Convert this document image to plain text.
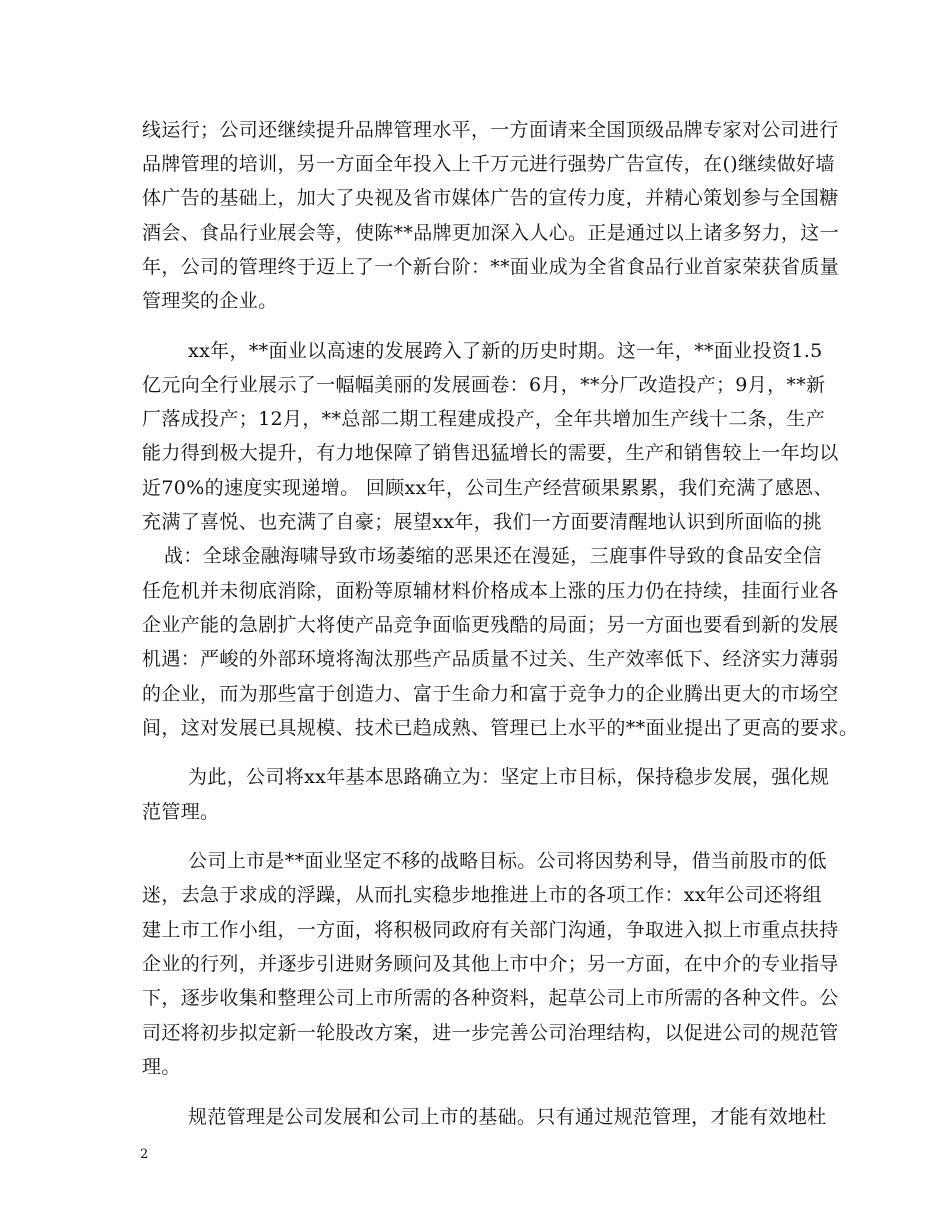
线运行；公司还继续提升品牌管理水平，一方面请来全国顶级品牌专家对公司进行
品牌管理的培训，另一方面全年投入上千万元进行强势广告宣传，在()继续做好墙
体广告的基础上，加大了央视及省市媒体广告的宣传力度，并精心策划参与全国糖
酒会、食品行业展会等，使陈**品牌更加深入人心。正是通过以上诸多努力，这一
年，公司的管理终于迈上了一个新台阶：**面业成为全省食品行业首家荣获省质量
管理奖的企业。
xx年，**面业以高速的发展跨入了新的历史时期。这一年，**面业投资1.5
亿元向全行业展示了一幅幅美丽的发展画卷：6月，**分厂改造投产；9月，**新
厂落成投产；12月，**总部二期工程建成投产，全年共增加生产线十二条，生产
能力得到极大提升，有力地保障了销售迅猛增长的需要，生产和销售较上一年均以
近70%的速度实现递增。 回顾xx年，公司生产经营硕果累累，我们充满了感恩、
充满了喜悦、也充满了自豪；展望xx年，我们一方面要清醒地认识到所面临的挑
战：全球金融海啸导致市场萎缩的恶果还在漫延，三鹿事件导致的食品安全信
任危机并未彻底消除，面粉等原辅材料价格成本上涨的压力仍在持续，挂面行业各
企业产能的急剧扩大将使产品竞争面临更残酷的局面；另一方面也要看到新的发展
机遇：严峻的外部环境将淘汰那些产品质量不过关、生产效率低下、经济实力薄弱
的企业，而为那些富于创造力、富于生命力和富于竞争力的企业腾出更大的市场空
间，这对发展已具规模、技术已趋成熟、管理已上水平的**面业提出了更高的要求。
为此，公司将xx年基本思路确立为：坚定上市目标，保持稳步发展，强化规
范管理。
公司上市是**面业坚定不移的战略目标。公司将因势利导，借当前股市的低
迷，去急于求成的浮躁，从而扎实稳步地推进上市的各项工作：xx年公司还将组
建上市工作小组，一方面，将积极同政府有关部门沟通，争取进入拟上市重点扶持
企业的行列，并逐步引进财务顾问及其他上市中介；另一方面，在中介的专业指导
下，逐步收集和整理公司上市所需的各种资料，起草公司上市所需的各种文件。公
司还将初步拟定新一轮股改方案，进一步完善公司治理结构，以促进公司的规范管
理。
规范管理是公司发展和公司上市的基础。只有通过规范管理，才能有效地杜
2
